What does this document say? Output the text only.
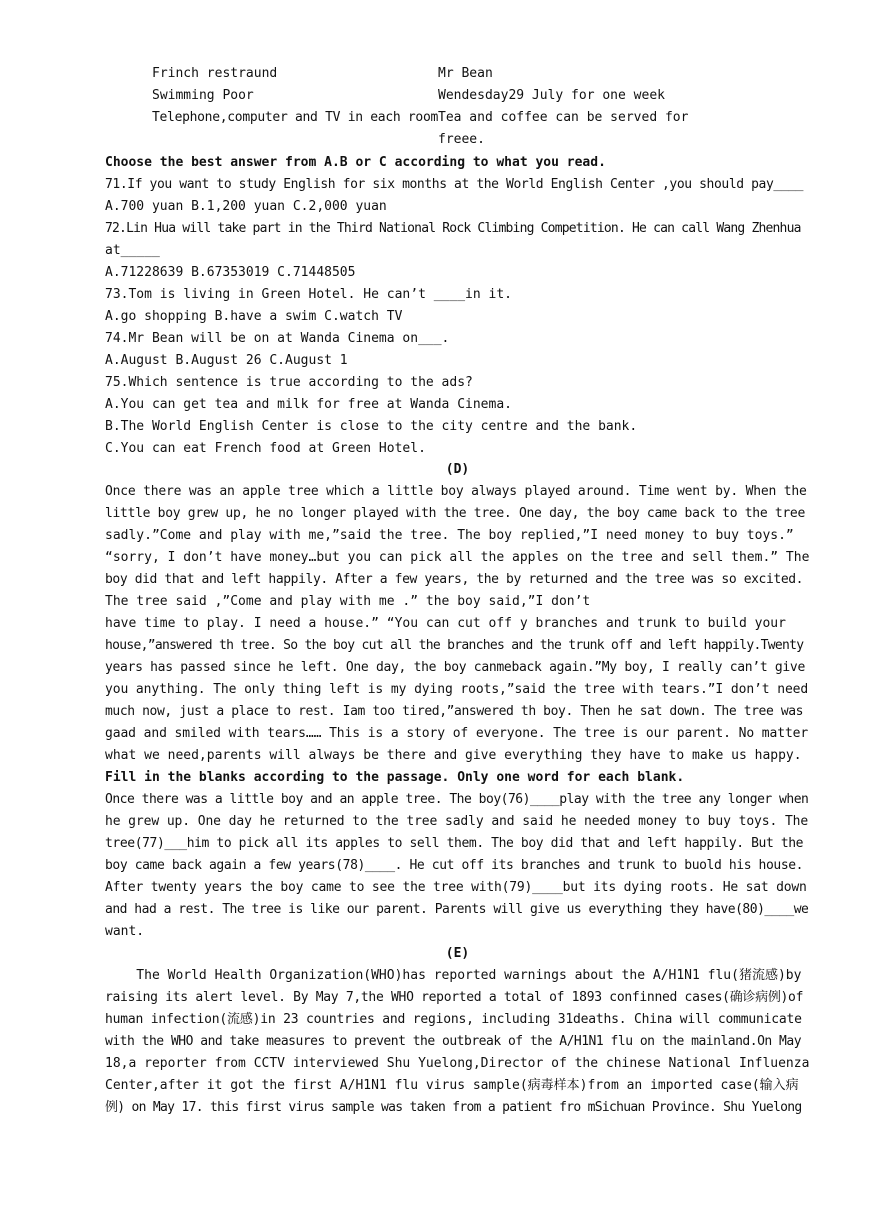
Frinch restraund	Mr Bean
Swimming Poor	Wendesday29 July for one week
Telephone,computer and TV in each room Tea and coffee can be served for
freee.
Choose the best answer from A.B or C according to what you read.
71.If you want to study English for six months at the World English Center ,you should pay____
A.700 yuan B.1,200 yuan C.2,000 yuan
72.Lin Hua will take part in the Third National Rock Climbing Competition. He can call Wang Zhenhua
at_____
A.71228639 B.67353019 C.71448505
73.Tom is living in Green Hotel. He can’t ____in it.
A.go shopping B.have a swim C.watch TV
74.Mr Bean will be on at Wanda Cinema on___.
A.August B.August 26 C.August 1
75.Which sentence is true according to the ads?
A.You can get tea and milk for free at Wanda Cinema.
B.The World English Center is close to the city centre and the bank.
C.You can eat French food at Green Hotel.
(D)
Once there was an apple tree which a little boy always played around. Time went by. When the
little boy grew up, he no longer played with the tree. One day, the boy came back to the tree
sadly.”Come and play with me,”said the tree. The boy replied,”I need money to buy toys.”
“sorry, I don’t have money…but you can pick all the apples on the tree and sell them.” The
boy did that and left happily. After a few years, the by returned and the tree was so excited.
The tree said ,”Come and play with me .” the boy said,”I don’t
have time to play. I need a house.” “You can cut off y branches and trunk to build your
house,”answered th tree. So the boy cut all the branches and the trunk off and left happily.Twenty
years has passed since he left. One day, the boy canmeback again.”My boy, I really can’t give
you anything. The only thing left is my dying roots,”said the tree with tears.”I don’t need
much now, just a place to rest. Iam too tired,”answered th boy. Then he sat down. The tree was
gaad and smiled with tears…… This is a story of everyone. The tree is our parent. No matter
what we need,parents will always be there and give everything they have to make us happy.
Fill in the blanks according to the passage. Only one word for each blank.
Once there was a little boy and an apple tree. The boy(76)____play with the tree any longer when
he grew up. One day he returned to the tree sadly and said he needed money to buy toys. The
tree(77)___him to pick all its apples to sell them. The boy did that and left happily. But the
boy came back again a few years(78)____. He cut off its branches and trunk to buold his house.
After twenty years the boy came to see the tree with(79)____but its dying roots. He sat down
and had a rest. The tree is like our parent. Parents will give us everything they have(80)____we
want.
(E)
The World Health Organization(WHO)has reported warnings about the A/H1N1 flu(猪流感)by
raising its alert level. By May 7,the WHO reported a total of 1893 confinned cases(确诊病例)of
human infection(流感)in 23 countries and regions, including 31deaths. China will communicate
with the WHO and take measures to prevent the outbreak of the A/H1N1 flu on the mainland.On May
18,a reporter from CCTV interviewed Shu Yuelong,Director of the chinese National Influenza
Center,after it got the first A/H1N1 flu virus sample(病毒样本)from an imported case(输入病
例) on May 17. this first virus sample was taken from a patient fro mSichuan Province. Shu Yuelong
